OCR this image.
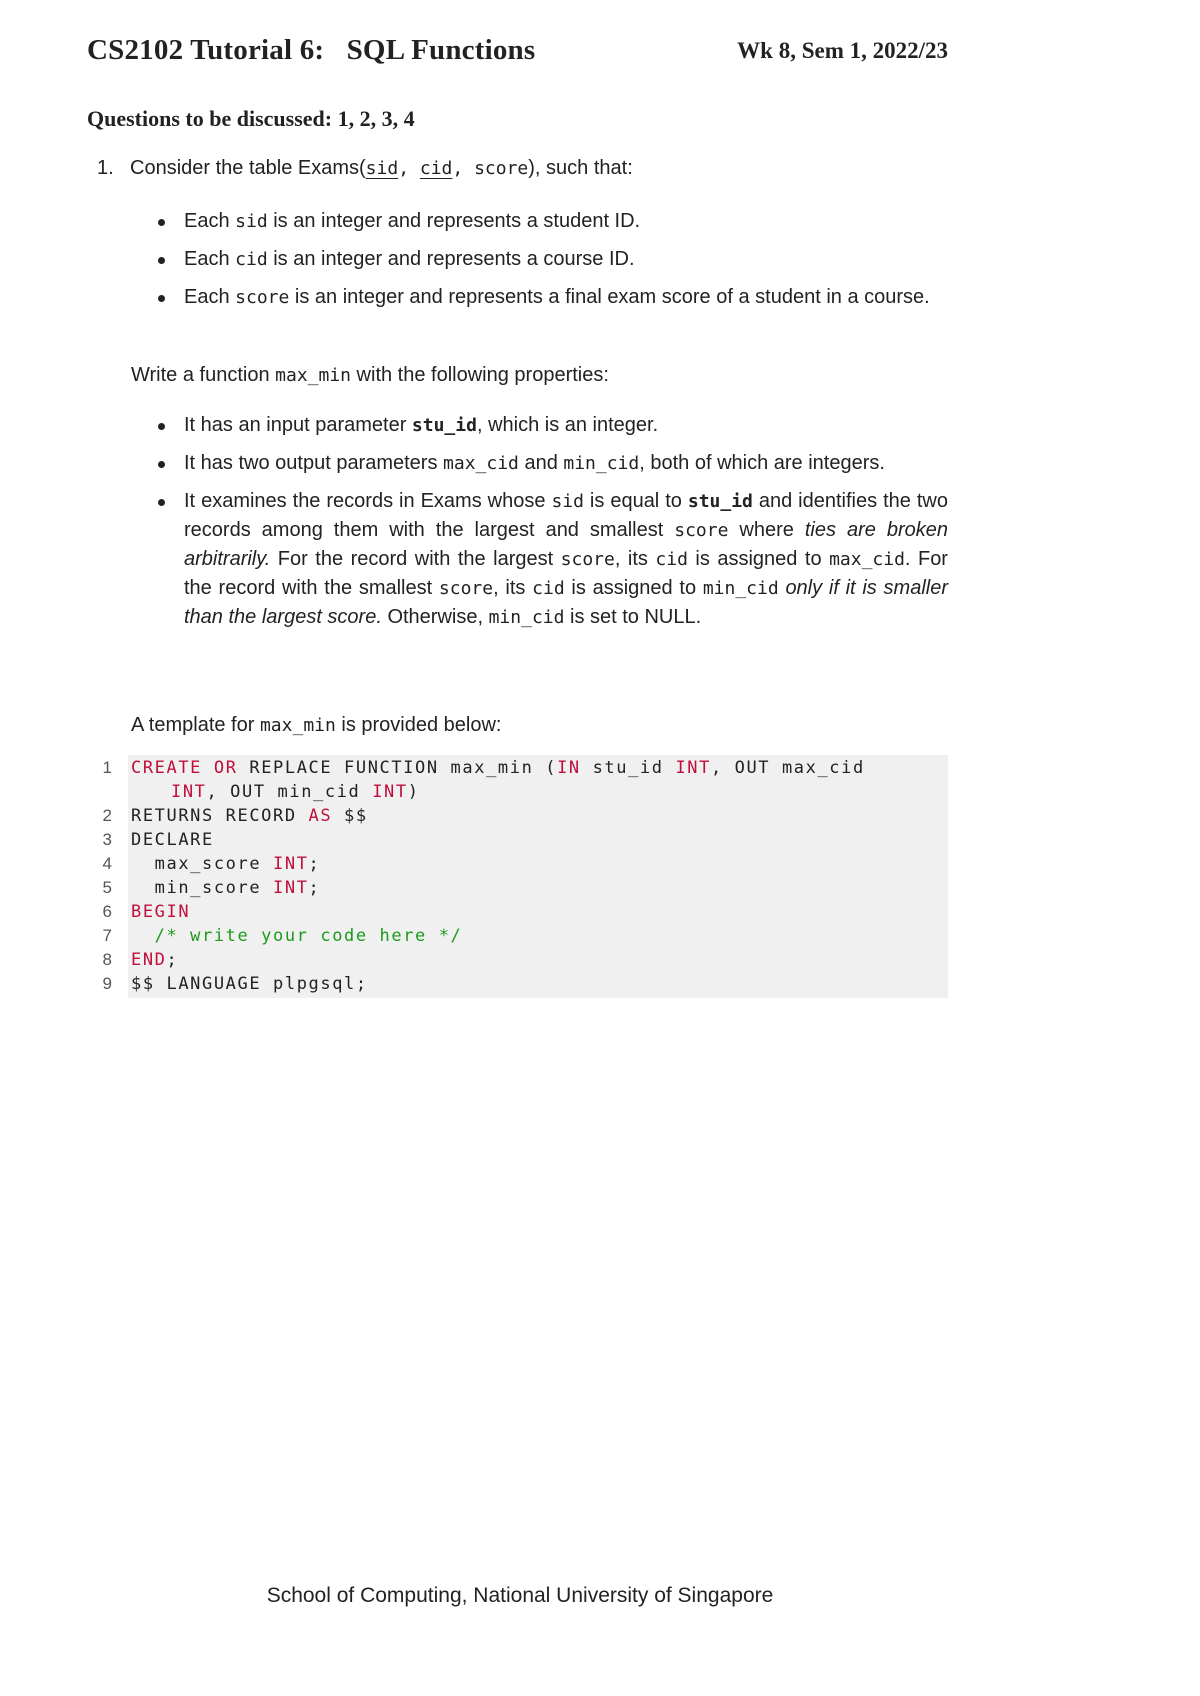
CS2102 Tutorial 6:   SQL Functions	Wk 8, Sem 1, 2022/23
Questions to be discussed: 1, 2, 3, 4
1. Consider the table Exams(sid, cid, score), such that:
Each sid is an integer and represents a student ID.
Each cid is an integer and represents a course ID.
Each score is an integer and represents a final exam score of a student in a course.
Write a function max_min with the following properties:
It has an input parameter stu_id, which is an integer.
It has two output parameters max_cid and min_cid, both of which are integers.
It examines the records in Exams whose sid is equal to stu_id and identifies the two records among them with the largest and smallest score where ties are broken arbitrarily. For the record with the largest score, its cid is assigned to max_cid. For the record with the smallest score, its cid is assigned to min_cid only if it is smaller than the largest score. Otherwise, min_cid is set to NULL.
A template for max_min is provided below:
1 CREATE OR REPLACE FUNCTION max_min (IN stu_id INT, OUT max_cid
INT, OUT min_cid INT)
2 RETURNS RECORD AS $$
3 DECLARE
4 max_score INT;
5 min_score INT;
6 BEGIN
7 /* write your code here */
8 END;
9 $$ LANGUAGE plpgsql;
School of Computing, National University of Singapore
